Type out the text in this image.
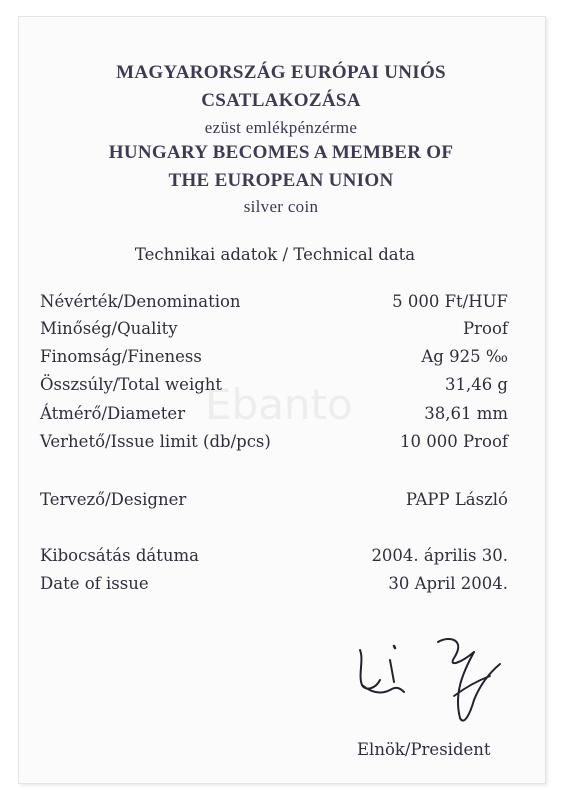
MAGYARORSZÁG EURÓPAI UNIÓS
CSATLAKOZÁSA
ezüst emlékpénzérme
HUNGARY BECOMES A MEMBER OF
THE EUROPEAN UNION
silver coin
Technikai adatok / Technical data
Ebanto
Névérték/Denomination	5 000 Ft/HUF
Minőség/Quality	Proof
Finomság/Fineness	Ag 925 ‰
Összsúly/Total weight	31,46 g
Átmérő/Diameter	38,61 mm
Verhető/Issue limit (db/pcs)	10 000 Proof
Tervező/Designer	PAPP László
Kibocsátás dátuma	2004. április 30.
Date of issue	30 April 2004.
Elnök/President
